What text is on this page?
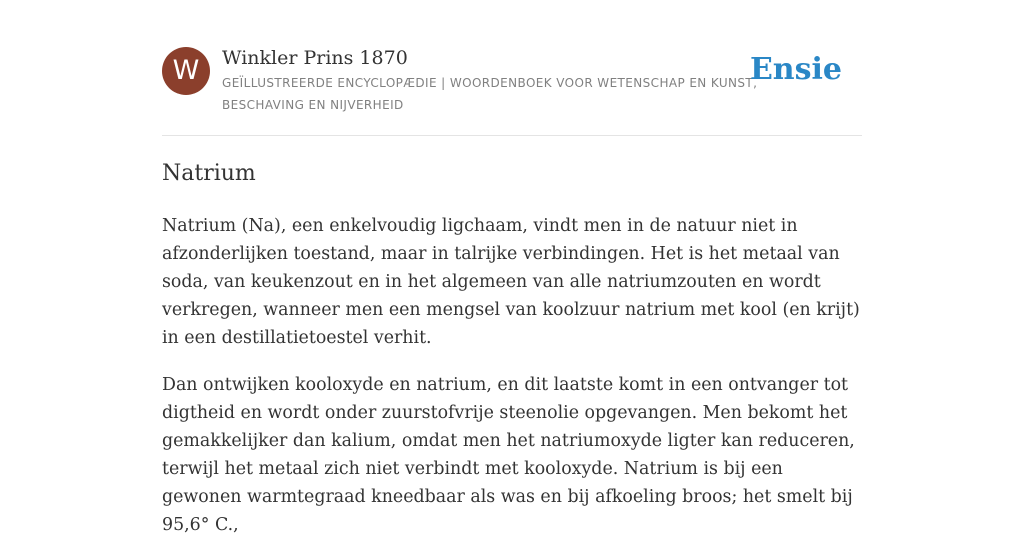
W	Winkler Prins 1870
GEÏLLUSTREERDE ENCYCLOPÆDIE | WOORDENBOEK VOOR WETENSCHAP EN KUNST, BESCHAVING EN NIJVERHEID
Ensie
Natrium

Natrium (Na), een enkelvoudig ligchaam, vindt men in de natuur niet in afzonderlijken toestand, maar in talrijke verbindingen. Het is het metaal van soda, van keukenzout en in het algemeen van alle natriumzouten en wordt verkregen, wanneer men een mengsel van koolzuur natrium met kool (en krijt) in een destillatietoestel verhit.

Dan ontwijken kooloxyde en natrium, en dit laatste komt in een ontvanger tot digtheid en wordt onder zuurstofvrije steenolie opgevangen. Men bekomt het gemakkelijker dan kalium, omdat men het natriumoxyde ligter kan reduceren, terwijl het metaal zich niet verbindt met kooloxyde. Natrium is bij een gewonen warmtegraad kneedbaar als was en bij afkoeling broos; het smelt bij 95,6° C.,
